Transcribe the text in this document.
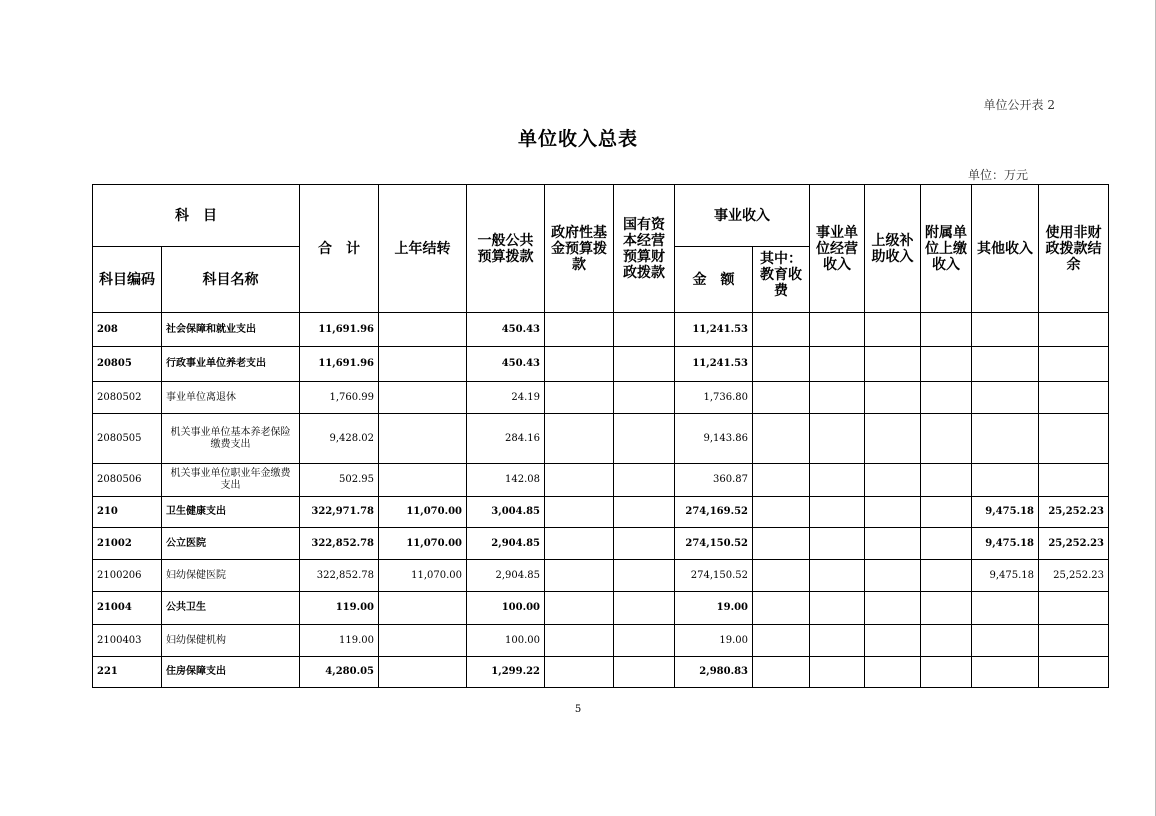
单位公开表 2
单位收入总表
单位：万元
科　目		合　计	上年结转	一般公共预算拨款	政府性基金预算拨款	国有资本经营预算财政拨款	事业收入		事业单位经营收入	上级补助收入	附属单位上缴收入	其他收入	使用非财政拨款结余
科目编码	科目名称						金　额	其中：教育收费					
208	社会保障和就业支出	11,691.96		450.43			11,241.53						
20805	行政事业单位养老支出	11,691.96		450.43			11,241.53						
2080502	事业单位离退休	1,760.99		24.19			1,736.80						
2080505	机关事业单位基本养老保险缴费支出	9,428.02		284.16			9,143.86						
2080506	机关事业单位职业年金缴费支出	502.95		142.08			360.87						
210	卫生健康支出	322,971.78	11,070.00	3,004.85			274,169.52					9,475.18	25,252.23
21002	公立医院	322,852.78	11,070.00	2,904.85			274,150.52					9,475.18	25,252.23
2100206	妇幼保健医院	322,852.78	11,070.00	2,904.85			274,150.52					9,475.18	25,252.23
21004	公共卫生	119.00		100.00			19.00						
2100403	妇幼保健机构	119.00		100.00			19.00						
221	住房保障支出	4,280.05		1,299.22			2,980.83						
5
